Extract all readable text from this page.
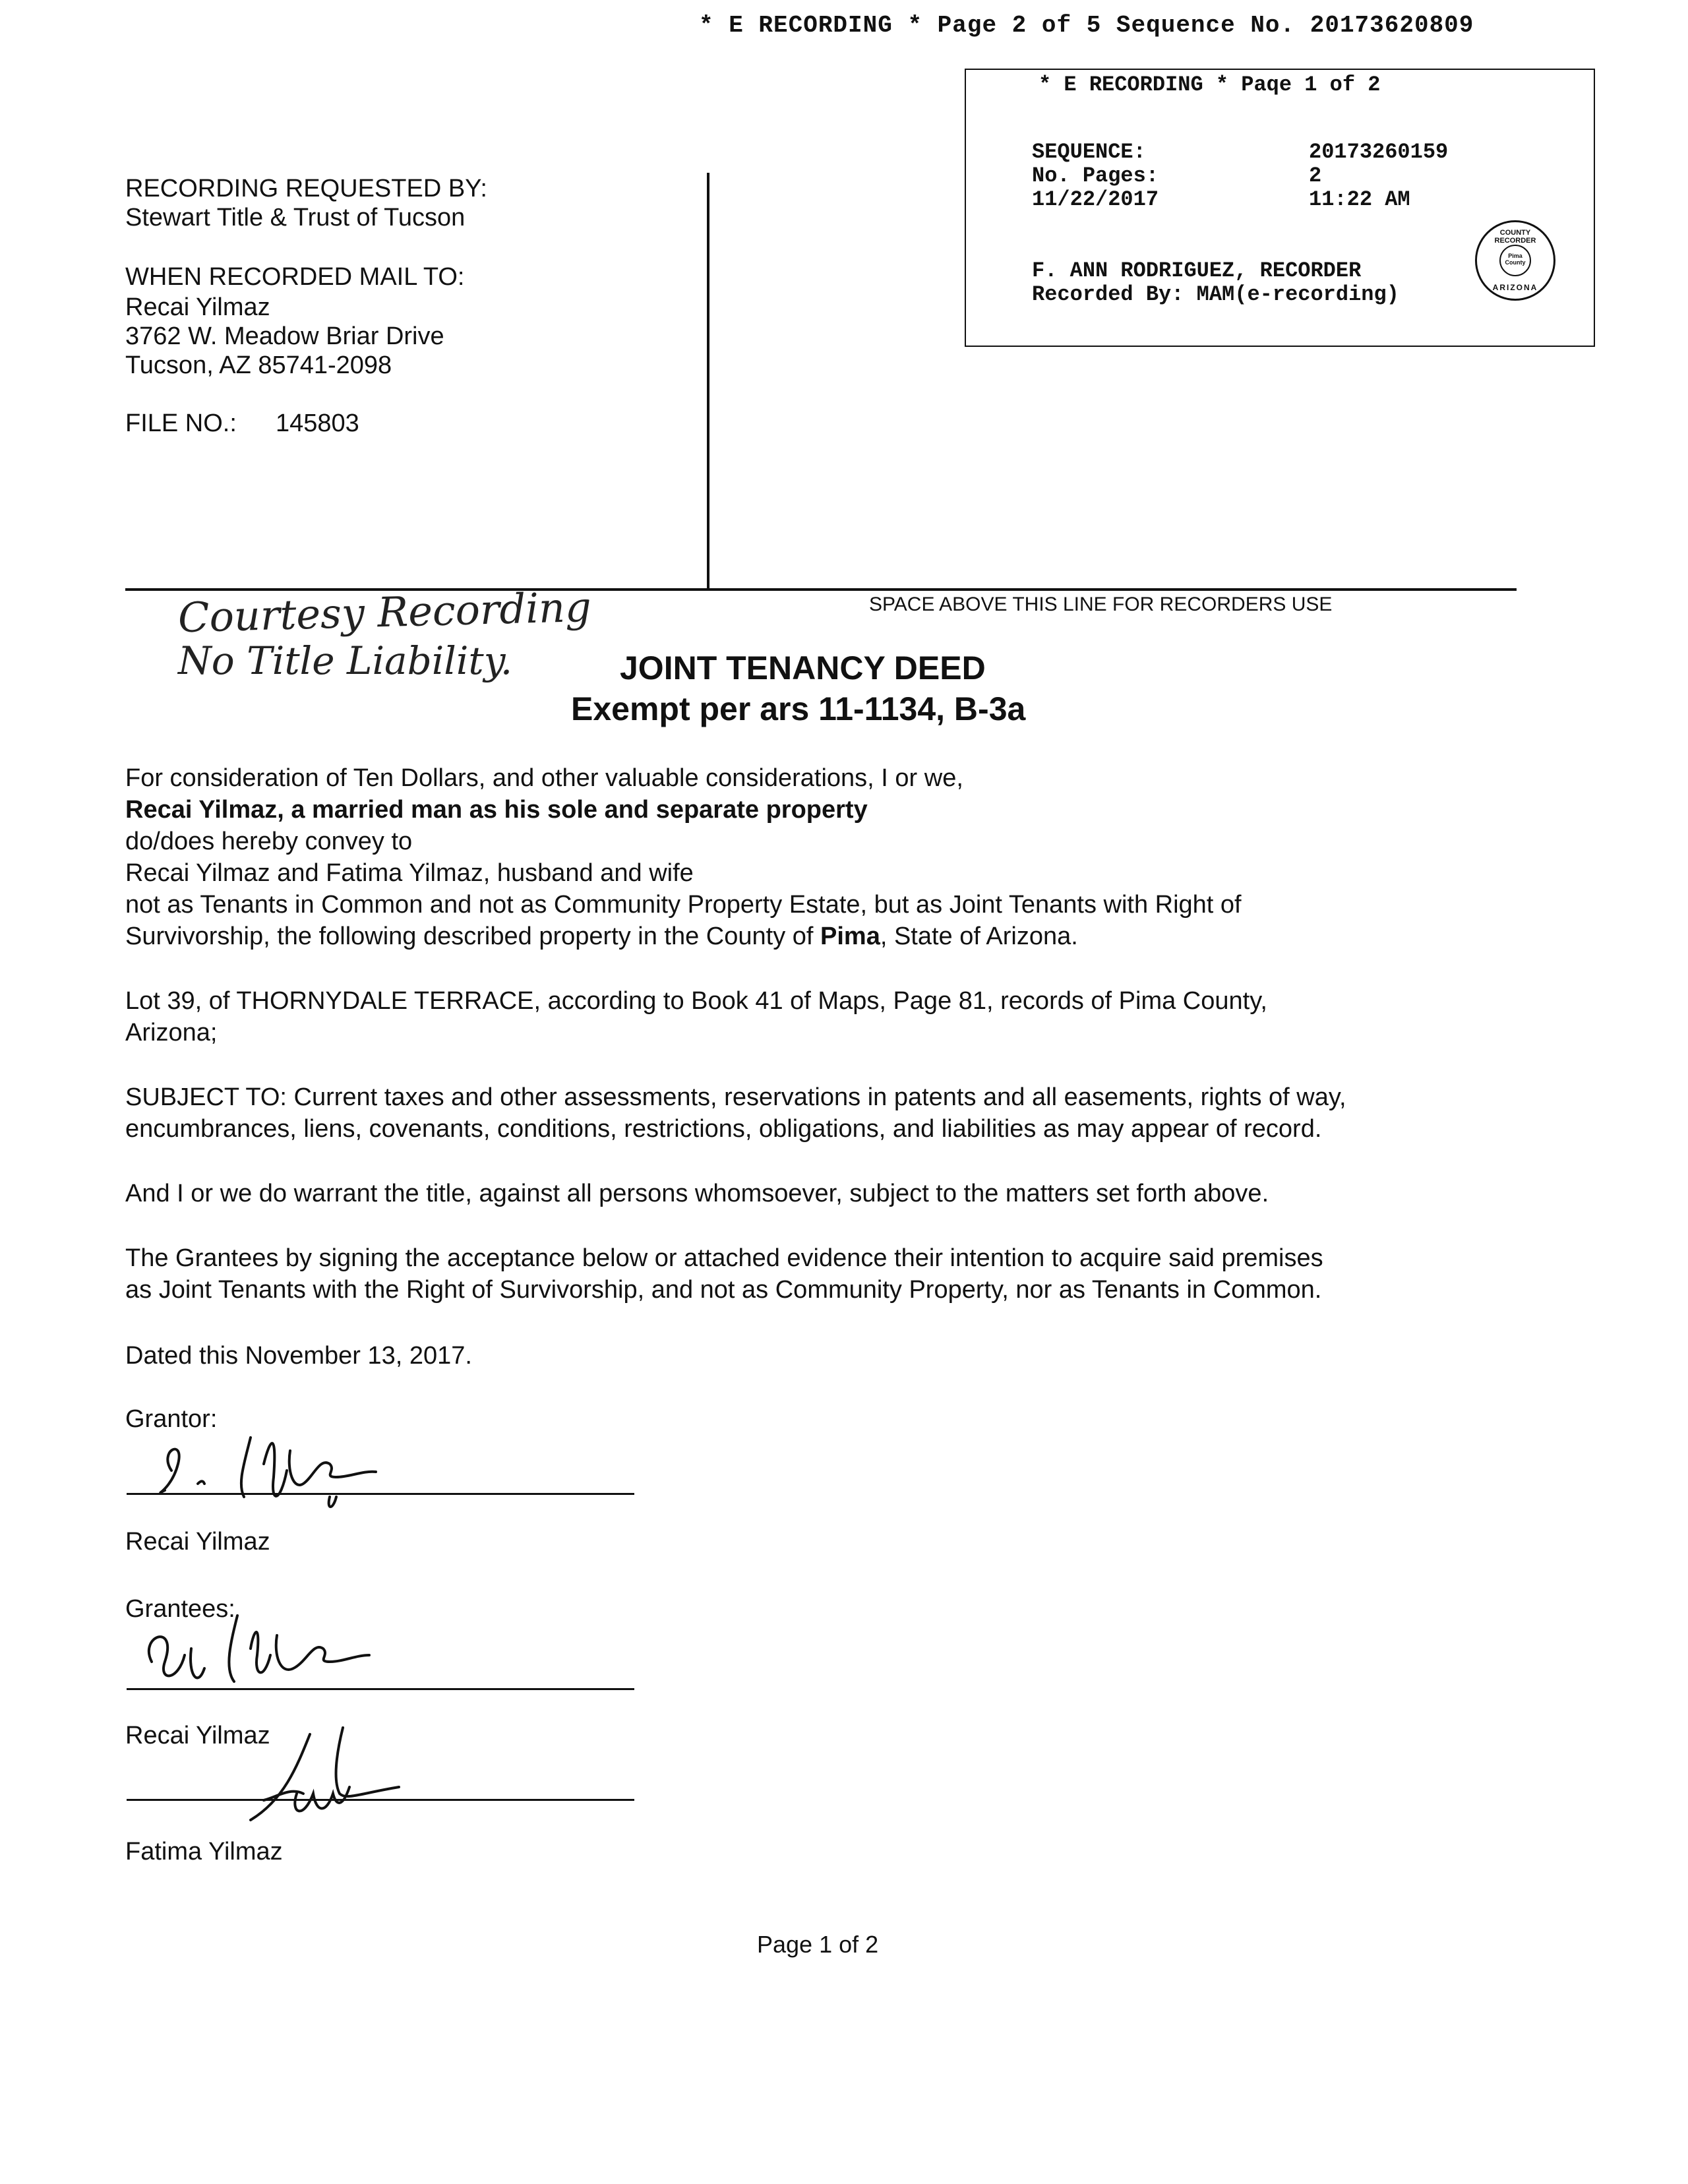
* E RECORDING * Page 2 of 5 Sequence No. 20173620809
* E RECORDING * Paqe 1 of 2
SEQUENCE:	20173260159
No. Pages:	2
11/22/2017	11:22 AM
F. ANN RODRIGUEZ, RECORDER
Recorded By: MAM(e-recording)
COUNTY RECORDER
Pima County
ARIZONA
RECORDING REQUESTED BY:
Stewart Title & Trust of Tucson
WHEN RECORDED MAIL TO:
Recai Yilmaz
3762 W. Meadow Briar Drive
Tucson, AZ 85741-2098
FILE NO.: 145803
SPACE ABOVE THIS LINE FOR RECORDERS USE
Courtesy Recording
No Title Liability.	JOINT TENANCY DEED
Exempt per ars 11-1134, B-3a
For consideration of Ten Dollars, and other valuable considerations, I or we,
Recai Yilmaz, a married man as his sole and separate property
do/does hereby convey to
Recai Yilmaz and Fatima Yilmaz, husband and wife
not as Tenants in Common and not as Community Property Estate, but as Joint Tenants with Right of
Survivorship, the following described property in the County of Pima, State of Arizona.
Lot 39, of THORNYDALE TERRACE, according to Book 41 of Maps, Page 81, records of Pima County,
Arizona;
SUBJECT TO: Current taxes and other assessments, reservations in patents and all easements, rights of way,
encumbrances, liens, covenants, conditions, restrictions, obligations, and liabilities as may appear of record.
And I or we do warrant the title, against all persons whomsoever, subject to the matters set forth above.
The Grantees by signing the acceptance below or attached evidence their intention to acquire said premises
as Joint Tenants with the Right of Survivorship, and not as Community Property, nor as Tenants in Common.
Dated this November 13, 2017.
Grantor:
Recai Yilmaz
Grantees:
Recai Yilmaz
Fatima Yilmaz
Page 1 of 2
